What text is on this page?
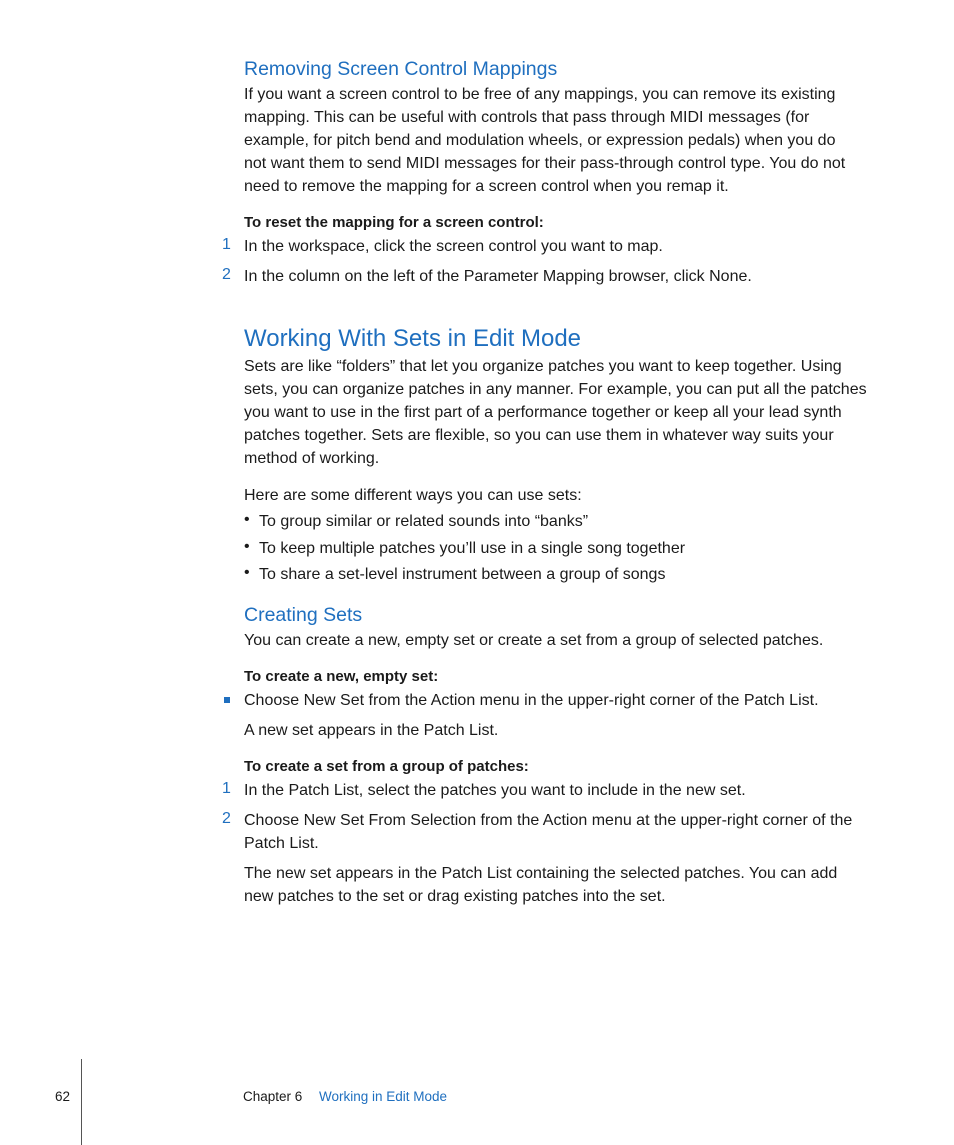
Removing Screen Control Mappings
If you want a screen control to be free of any mappings, you can remove its existing
mapping. This can be useful with controls that pass through MIDI messages (for
example, for pitch bend and modulation wheels, or expression pedals) when you do
not want them to send MIDI messages for their pass-through control type. You do not
need to remove the mapping for a screen control when you remap it.
To reset the mapping for a screen control:
1 In the workspace, click the screen control you want to map.
2 In the column on the left of the Parameter Mapping browser, click None.
Working With Sets in Edit Mode
Sets are like “folders” that let you organize patches you want to keep together. Using
sets, you can organize patches in any manner. For example, you can put all the patches
you want to use in the first part of a performance together or keep all your lead synth
patches together. Sets are flexible, so you can use them in whatever way suits your
method of working.
Here are some different ways you can use sets:
• To group similar or related sounds into “banks”
• To keep multiple patches you’ll use in a single song together
• To share a set-level instrument between a group of songs
Creating Sets
You can create a new, empty set or create a set from a group of selected patches.
To create a new, empty set:
Choose New Set from the Action menu in the upper-right corner of the Patch List.
A new set appears in the Patch List.
To create a set from a group of patches:
1 In the Patch List, select the patches you want to include in the new set.
2 Choose New Set From Selection from the Action menu at the upper-right corner of the
Patch List.
The new set appears in the Patch List containing the selected patches. You can add
new patches to the set or drag existing patches into the set.
62	Chapter 6 Working in Edit Mode
